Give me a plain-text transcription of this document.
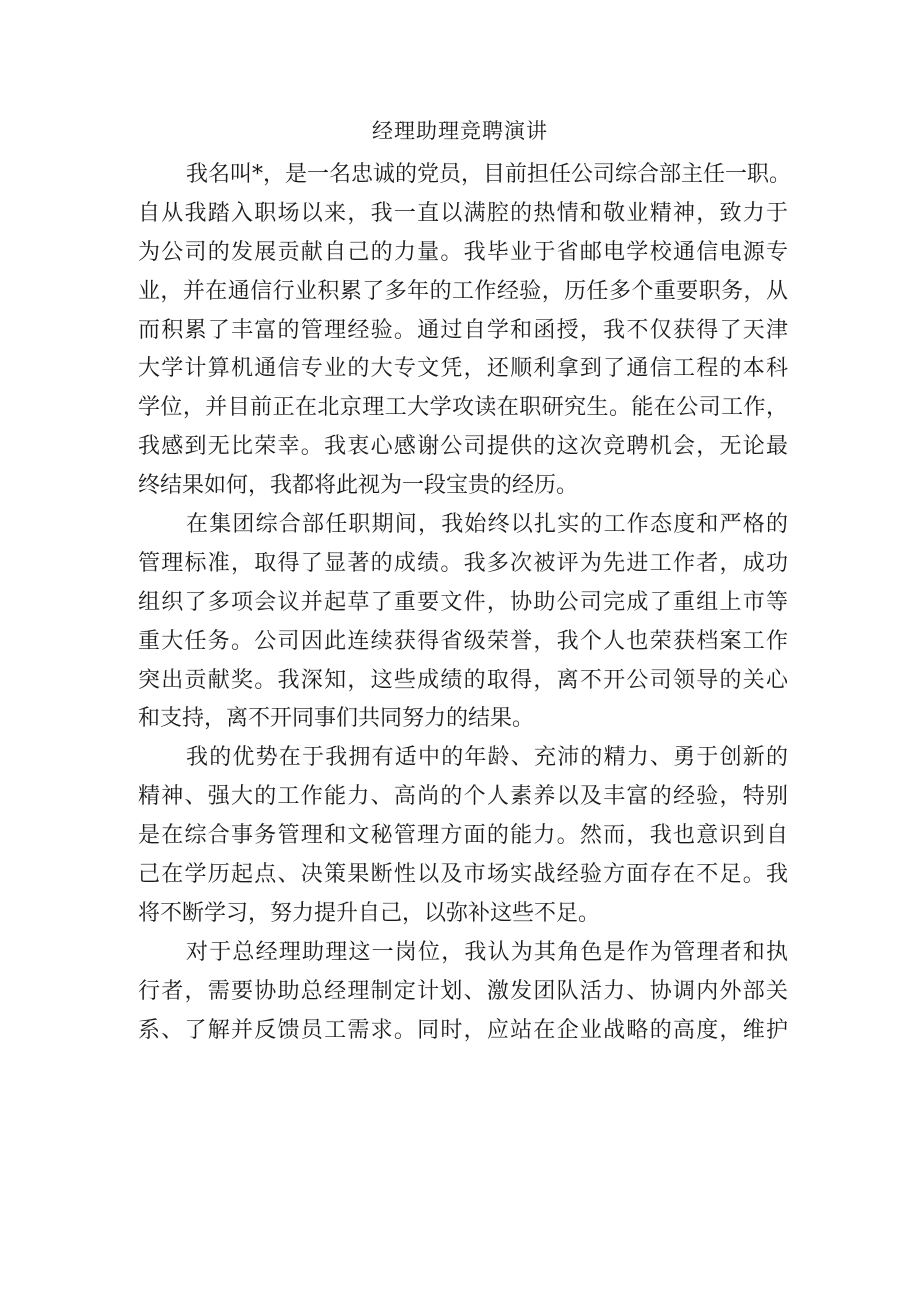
经理助理竞聘演讲

我名叫*，是一名忠诚的党员，目前担任公司综合部主任一职。
自从我踏入职场以来，我一直以满腔的热情和敬业精神，致力于
为公司的发展贡献自己的力量。我毕业于省邮电学校通信电源专
业，并在通信行业积累了多年的工作经验，历任多个重要职务，从
而积累了丰富的管理经验。通过自学和函授，我不仅获得了天津
大学计算机通信专业的大专文凭，还顺利拿到了通信工程的本科
学位，并目前正在北京理工大学攻读在职研究生。能在公司工作，
我感到无比荣幸。我衷心感谢公司提供的这次竞聘机会，无论最
终结果如何，我都将此视为一段宝贵的经历。

在集团综合部任职期间，我始终以扎实的工作态度和严格的
管理标准，取得了显著的成绩。我多次被评为先进工作者，成功
组织了多项会议并起草了重要文件，协助公司完成了重组上市等
重大任务。公司因此连续获得省级荣誉，我个人也荣获档案工作
突出贡献奖。我深知，这些成绩的取得，离不开公司领导的关心
和支持，离不开同事们共同努力的结果。

我的优势在于我拥有适中的年龄、充沛的精力、勇于创新的
精神、强大的工作能力、高尚的个人素养以及丰富的经验，特别
是在综合事务管理和文秘管理方面的能力。然而，我也意识到自
己在学历起点、决策果断性以及市场实战经验方面存在不足。我
将不断学习，努力提升自己，以弥补这些不足。

对于总经理助理这一岗位，我认为其角色是作为管理者和执
行者，需要协助总经理制定计划、激发团队活力、协调内外部关
系、了解并反馈员工需求。同时，应站在企业战略的高度，维护
